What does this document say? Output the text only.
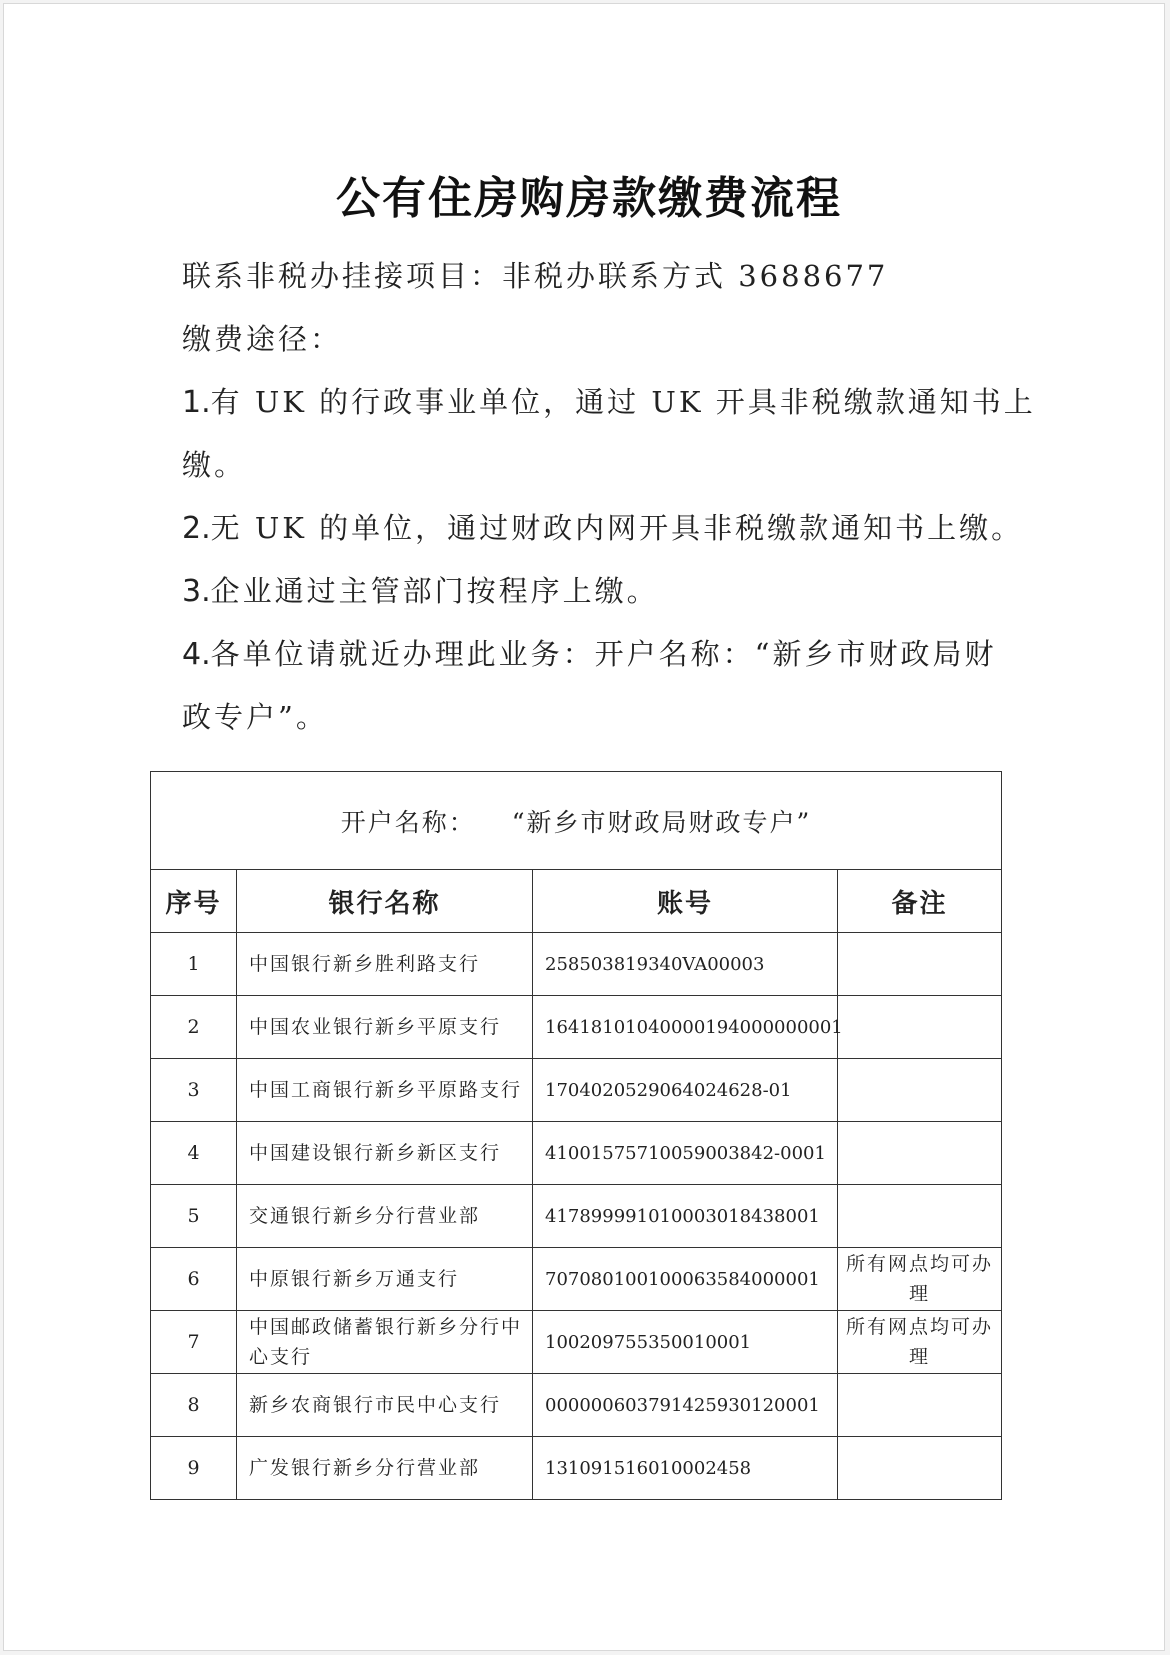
公有住房购房款缴费流程
联系非税办挂接项目：非税办联系方式 3688677
缴费途径：
1.有 UK 的行政事业单位，通过 UK 开具非税缴款通知书上
缴。
2.无 UK 的单位，通过财政内网开具非税缴款通知书上缴。
3.企业通过主管部门按程序上缴。
4.各单位请就近办理此业务：开户名称：“新乡市财政局财
政专户”。
开户名称： “新乡市财政局财政专户”			
序号	银行名称	账号	备注
1	中国银行新乡胜利路支行	258503819340VA00003	
2	中国农业银行新乡平原支行	16418101040000194000000001	
3	中国工商银行新乡平原路支行	1704020529064024628-01	
4	中国建设银行新乡新区支行	41001575710059003842-0001	
5	交通银行新乡分行营业部	417899991010003018438001	
6	中原银行新乡万通支行	707080100100063584000001	所有网点均可办理
7	中国邮政储蓄银行新乡分行中心支行	100209755350010001	所有网点均可办理
8	新乡农商银行市民中心支行	000000603791425930120001	
9	广发银行新乡分行营业部	131091516010002458	
